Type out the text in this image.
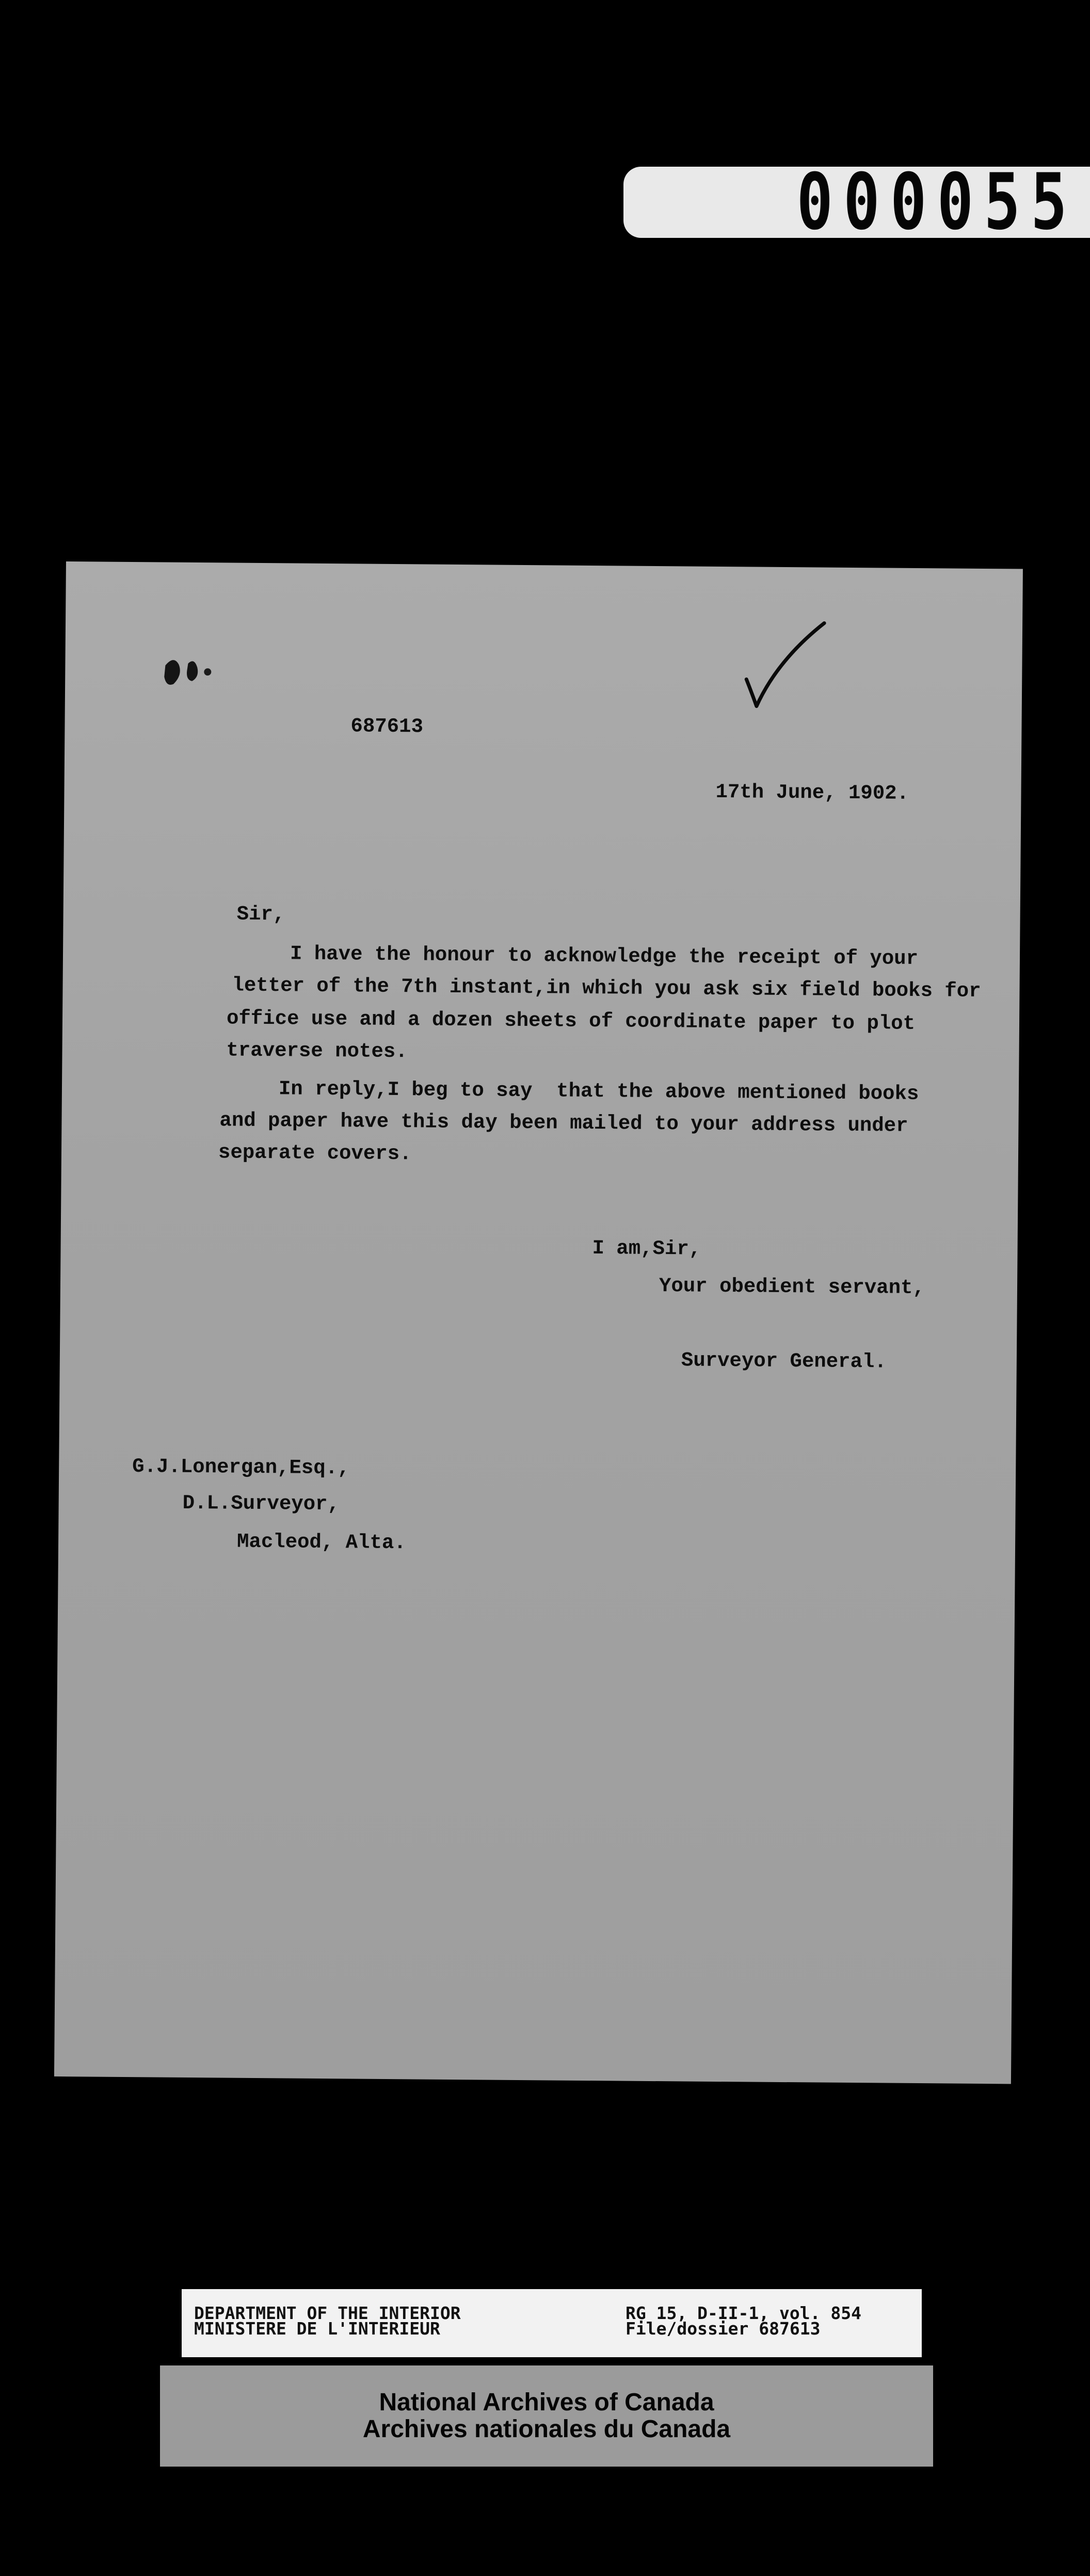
000055
687613
17th June, 1902.
Sir,
I have the honour to acknowledge the receipt of your
letter of the 7th instant,in which you ask six field books for
office use and a dozen sheets of coordinate paper to plot
traverse notes.
In reply,I beg to say  that the above mentioned books
and paper have this day been mailed to your address under
separate covers.
I am,Sir,
Your obedient servant,
Surveyor General.
G.J.Lonergan,Esq.,
D.L.Surveyor,
Macleod, Alta.
DEPARTMENT OF THE INTERIOR
MINISTERE DE L'INTERIEUR
RG 15, D-II-1, vol. 854
File/dossier 687613
National Archives of Canada
Archives nationales du Canada
